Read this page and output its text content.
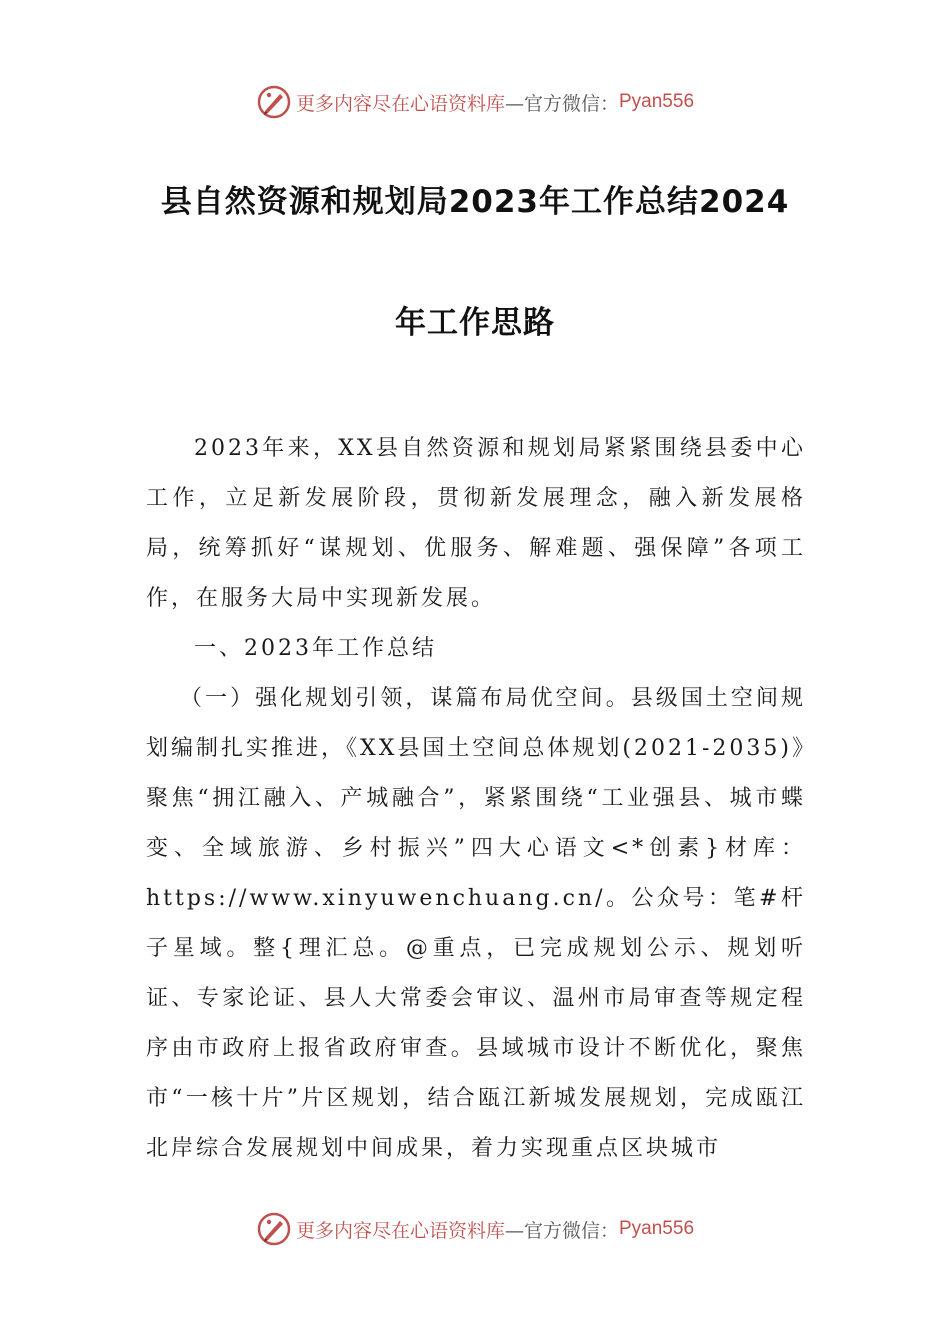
更多内容尽在心语资料库 —官方微信： Pyan556
县自然资源和规划局2023年工作总结2024
年工作思路

2023年来，XX县自然资源和规划局紧紧围绕县委中心工作，立足新发展阶段，贯彻新发展理念，融入新发展格局，统筹抓好“谋规划、优服务、解难题、强保障”各项工作，在服务大局中实现新发展。

一、2023年工作总结

（一）强化规划引领，谋篇布局优空间。县级国土空间规划编制扎实推进，《XX县国土空间总体规划(2021-2035)》聚焦“拥江融入、产城融合”，紧紧围绕“工业强县、城市蝶变、全域旅游、乡村振兴”四大心语文<*创素}材库：https://www.xinyuwenchuang.cn/。公众号：笔#杆子星域。整{理汇总。@重点，已完成规划公示、规划听证、专家论证、县人大常委会审议、温州市局审查等规定程序由市政府上报省政府审查。县域城市设计不断优化，聚焦市“一核十片”片区规划，结合瓯江新城发展规划，完成瓯江北岸综合发展规划中间成果，着力实现重点区块城市

更多内容尽在心语资料库 —官方微信： Pyan556
